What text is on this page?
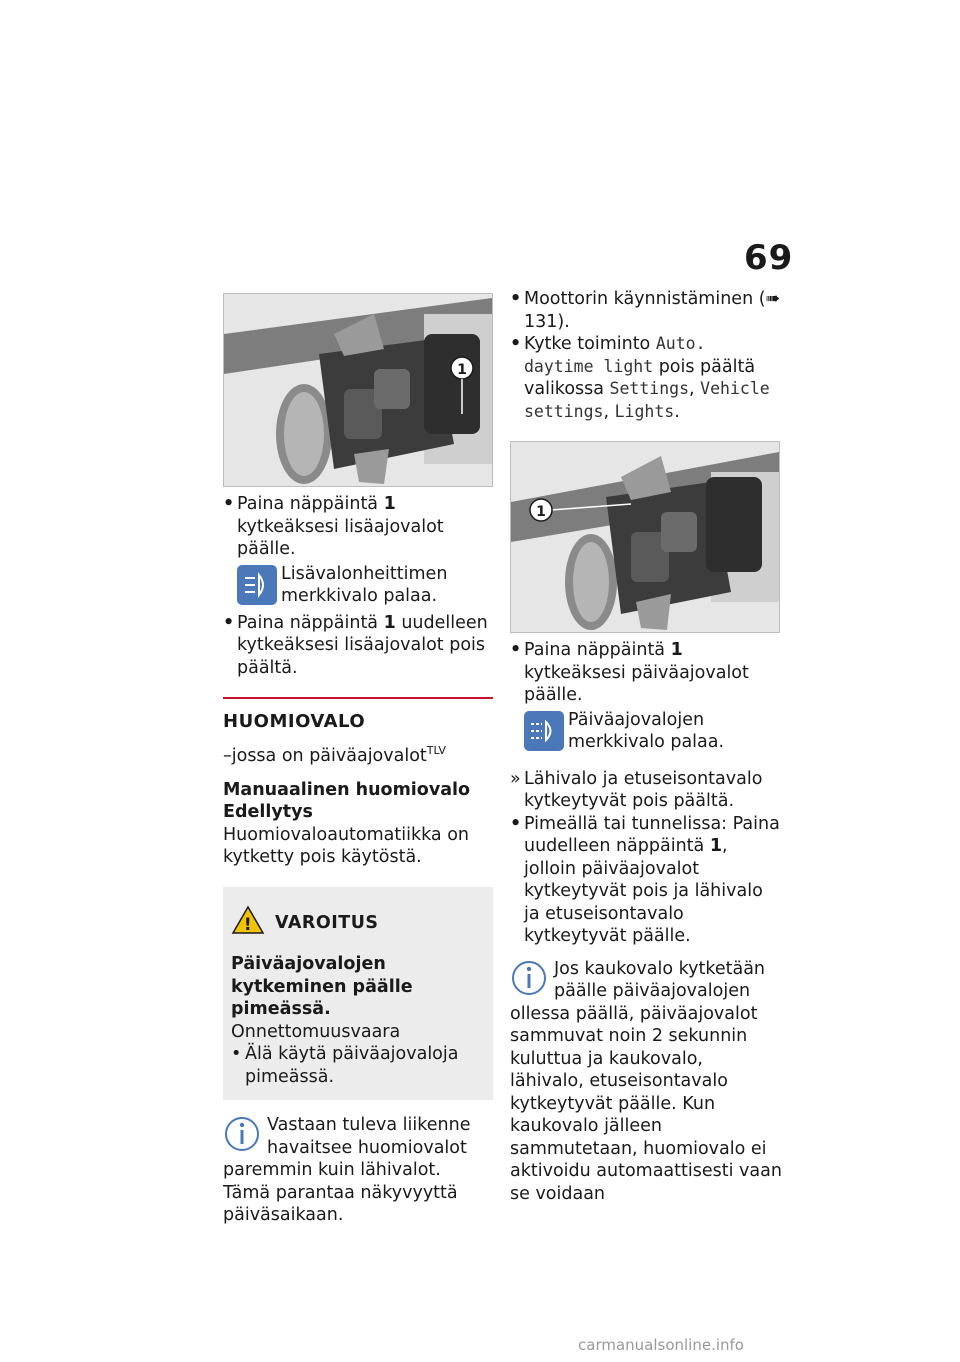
69
1

• Paina näppäintä 1 kytkeäksesi lisäajovalot päälle.

Lisävalonheittimen merkkivalo palaa.

• Paina näppäintä 1 uudelleen kytkeäksesi lisäajovalot pois päältä.

HUOMIOVALO

–jossa on päiväajovalot$^{TLV}$

Manuaalinen huomiovalo

Edellytys

Huomiovaloautomatiikka on kytketty pois käytöstä.

! VAROITUS

Päiväajovalojen kytkeminen päälle pimeässä.

Onnettomuusvaara

• Älä käytä päiväajovaloja pimeässä.

Vastaan tuleva liikenne havaitsee huomiovalot paremmin kuin lähivalot. Tämä parantaa näkyvyyttä päiväsaikaan.

• Moottorin käynnistäminen (➠ 131).

• Kytke toiminto Auto. daytime light pois päältä valikossa Settings, Vehicle settings, Lights.

1

• Paina näppäintä 1 kytkeäksesi päiväajovalot päälle.

Päiväajovalojen merkkivalo palaa.

» Lähivalo ja etuseisontavalo kytkeytyvät pois päältä.

• Pimeällä tai tunnelissa: Paina uudelleen näppäintä 1, jolloin päiväajovalot kytkeytyvät pois ja lähivalo ja etuseisontavalo kytkeytyvät päälle.

Jos kaukovalo kytketään päälle päiväajovalojen ollessa päällä, päiväajovalot sammuvat noin 2 sekunnin kuluttua ja kaukovalo, lähivalo, etuseisontavalo kytkeytyvät päälle. Kun kaukovalo jälleen sammutetaan, huomiovalo ei aktivoidu automaattisesti vaan se voidaan
carmanualsonline.info
